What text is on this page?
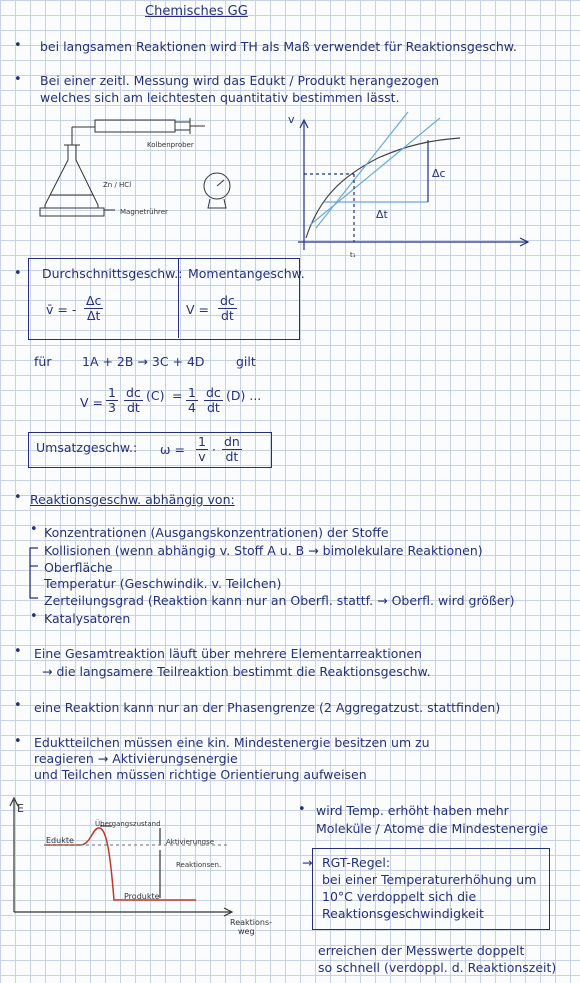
Chemisches GG
• bei langsamen Reaktionen wird TH als Maß verwendet für Reaktionsgeschw.
• Bei einer zeitl. Messung wird das Edukt / Produkt herangezogen
welches sich am leichtesten quantitativ bestimmen lässt.
Kolbenprober
Zn / HCl
Magnetrührer
v
Δc
Δt
t₁
• Durchschnittsgeschw.: Momentangeschw.
v̄ = - $\frac{\Delta c}{\Delta t}$	$V = \frac{dc}{dt}$
für 1A + 2B → 3C + 4D	gilt
$V = \frac{1}{3} \frac{dc}{dt} (C) = \frac{1}{4} \frac{dc}{dt} (D)$ ...
Umsatzgeschw.: $\omega = \frac{1}{v} \cdot \frac{dn}{dt}$
• Reaktionsgeschw. abhängig von:
• Konzentrationen (Ausgangskonzentrationen) der Stoffe
Kollisionen (wenn abhängig v. Stoff A u. B → bimolekulare Reaktionen)
Oberfläche
Temperatur (Geschwindik. v. Teilchen)
Zerteilungsgrad (Reaktion kann nur an Oberfl. stattf. → Oberfl. wird größer)
• Katalysatoren
• Eine Gesamtreaktion läuft über mehrere Elementarreaktionen
→ die langsamere Teilreaktion bestimmt die Reaktionsgeschw.
• eine Reaktion kann nur an der Phasengrenze (2 Aggregatzust. stattfinden)
• Eduktteilchen müssen eine kin. Mindestenergie besitzen um zu
reagieren → Aktivierungsenergie
und Teilchen müssen richtige Orientierung aufweisen
E
Übergangszustand
Edukte	Aktivierungse
Reaktionsen.
Produkte
Reaktions-
weg
• wird Temp. erhöht haben mehr
Moleküle / Atome die Mindestenergie
→ RGT-Regel:
bei einer Temperaturerhöhung um
10°C verdoppelt sich die
Reaktionsgeschwindigkeit
erreichen der Messwerte doppelt
so schnell (verdoppl. d. Reaktionszeit)
